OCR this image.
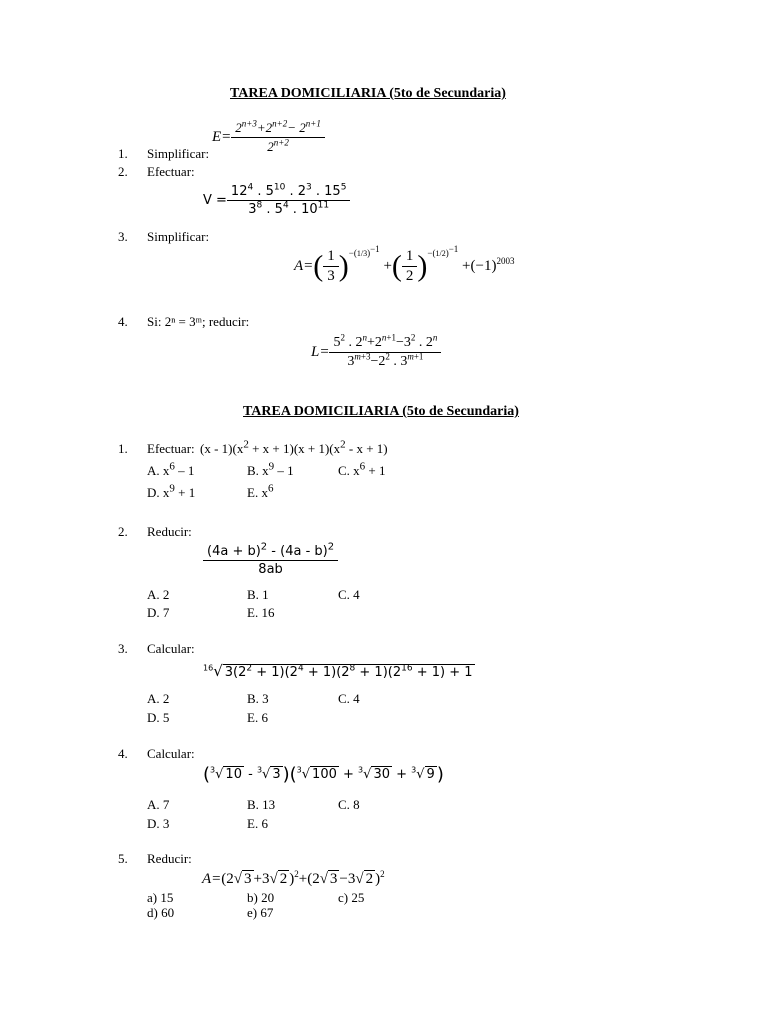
TAREA DOMICILIARIA (5to de Secundaria)
$E= \frac{2^{n+3}+2^{n+2}- 2^{n+1}}{2^{n+2}}$
1. Simplificar:
2. Efectuar:
$V = \frac{12^4 . 5^{10} . 2^3 . 15^5}{3^8 . 5^4 . 10^{11}}$
3. Simplificar:
$A=( \frac{1}{3} )^{-(1/3)^{-1}}$ +( $\frac{1}{2} )^{-(1/2)^{-1}} +(-1)^{2003}$
4. Si: 2ⁿ = 3ᵐ; reducir:
$L= \frac{5^2 . 2^n+2^{n+1}-3^2 . 2^n}{3^{m+3}-2^2 . 3^{m+1}}$
TAREA DOMICILIARIA (5to de Secundaria)
1. Efectuar: $(x - 1)(x^2 + x + 1)(x + 1)(x^2 - x + 1)$
A. $x^6 - 1$	B. $x^9 - 1$	C. $x^6 + 1$
D. $x^9 + 1$	E. $x^6$
2. Reducir:
$\frac{(4a + b)^2 - (4a - b)^2}{8ab}$
A. 2	B. 1	C. 4
D. 7	E. 16
3. Calcular:
$^{16}$√ $3(2^2 + 1)(2^4 + 1)(2^8 + 1)(2^{16} + 1) + 1$
A. 2	B. 3	C. 4
D. 5	E. 6
4. Calcular:
($^3$√ 10 - $^3$√ 3 )($^3$√ 100 + $^3$√ 30 + $^3$√ 9 )
A. 7	B. 13	C. 8
D. 3	E. 6
5. Reducir:
A=(2√ 3 +3√ 2 )$^2$+(2√ 3 −3√ 2 )$^2$
a) 15	b) 20	c) 25
d) 60	e) 67
